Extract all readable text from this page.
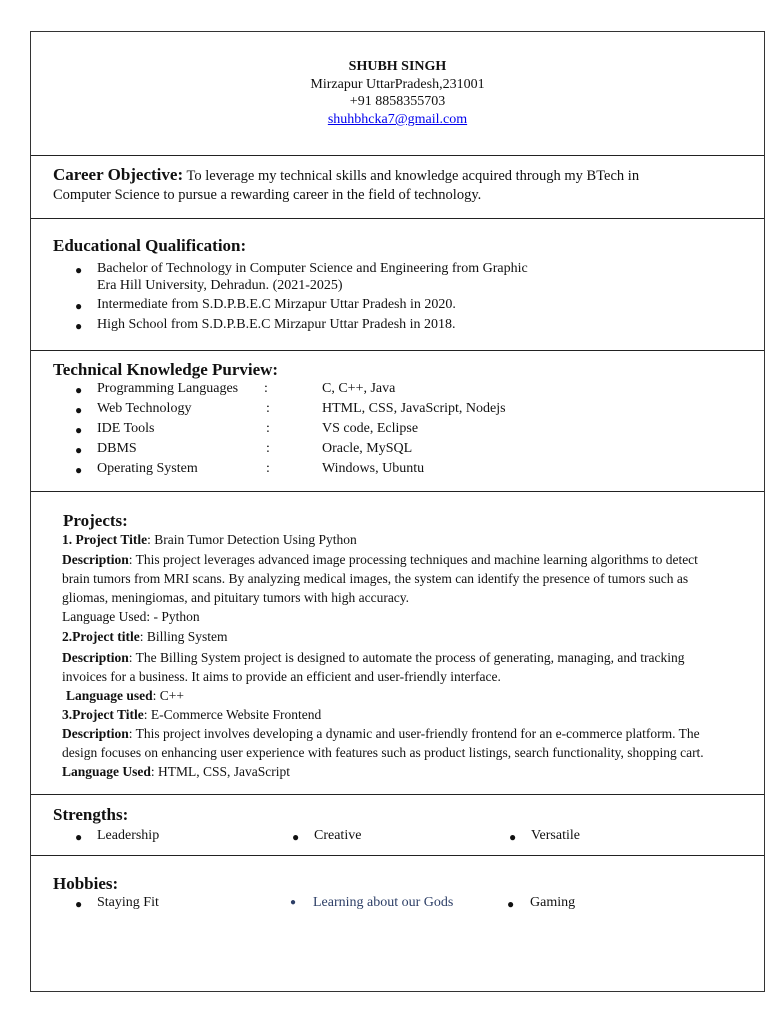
SHUBH SINGH
Mirzapur UttarPradesh,231001
+91 8858355703
shuhbhcka7@gmail.com
Career Objective: To leverage my technical skills and knowledge acquired through my BTech in
Computer Science to pursue a rewarding career in the field of technology.
Educational Qualification:
● Bachelor of Technology in Computer Science and Engineering from Graphic
Era Hill University, Dehradun. (2021-2025)
● Intermediate from S.D.P.B.E.C Mirzapur Uttar Pradesh in 2020.
● High School from S.D.P.B.E.C Mirzapur Uttar Pradesh in 2018.
Technical Knowledge Purview:
● Programming Languages :	C, C++, Java
● Web Technology	:	HTML, CSS, JavaScript, Nodejs
● IDE Tools	:	VS code, Eclipse
● DBMS	:	Oracle, MySQL
● Operating System	:	Windows, Ubuntu
Projects:
1. Project Title: Brain Tumor Detection Using Python
Description: This project leverages advanced image processing techniques and machine learning algorithms to detect
brain tumors from MRI scans. By analyzing medical images, the system can identify the presence of tumors such as
gliomas, meningiomas, and pituitary tumors with high accuracy.
Language Used: - Python
2.Project title: Billing System
Description: The Billing System project is designed to automate the process of generating, managing, and tracking
invoices for a business. It aims to provide an efficient and user-friendly interface.
Language used: C++
3.Project Title: E-Commerce Website Frontend
Description: This project involves developing a dynamic and user-friendly frontend for an e-commerce platform. The
design focuses on enhancing user experience with features such as product listings, search functionality, shopping cart.
Language Used: HTML, CSS, JavaScript
Strengths:
● Leadership	● Creative	● Versatile
Hobbies:
● Staying Fit	● Learning about our Gods	● Gaming
